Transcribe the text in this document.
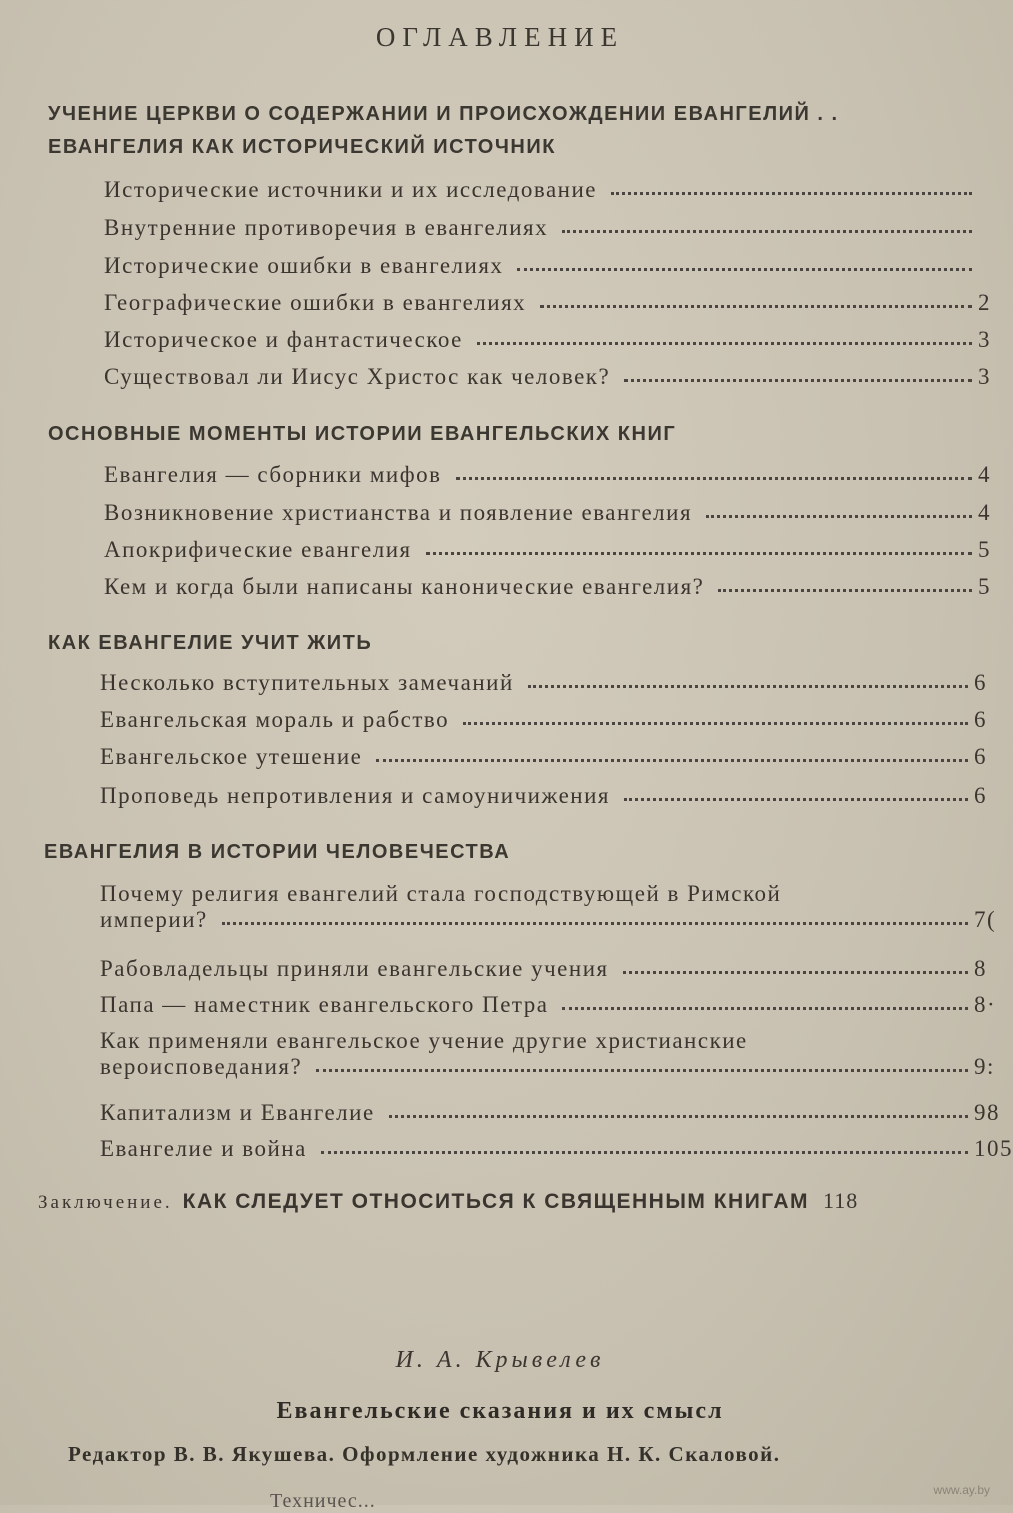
ОГЛАВЛЕНИЕ
УЧЕНИЕ ЦЕРКВИ О СОДЕРЖАНИИ И ПРОИСХОЖДЕНИИ ЕВАНГЕЛИЙ . .
ЕВАНГЕЛИЯ КАК ИСТОРИЧЕСКИЙ ИСТОЧНИК
Исторические источники и их исследование
Внутренние противоречия в евангелиях
Исторические ошибки в евангелиях
Географические ошибки в евангелиях	2
Историческое и фантастическое	3
Существовал ли Иисус Христос как человек?	3
ОСНОВНЫЕ МОМЕНТЫ ИСТОРИИ ЕВАНГЕЛЬСКИХ КНИГ
Евангелия — сборники мифов	4
Возникновение христианства и появление евангелия	4
Апокрифические евангелия	5
Кем и когда были написаны канонические евангелия?	5
КАК ЕВАНГЕЛИЕ УЧИТ ЖИТЬ
Несколько вступительных замечаний	6
Евангельская мораль и рабство	6
Евангельское утешение	6
Проповедь непротивления и самоуничижения	6
ЕВАНГЕЛИЯ В ИСТОРИИ ЧЕЛОВЕЧЕСТВА
Почему религия евангелий стала господствующей в Римской
империи?	7(
Рабовладельцы приняли евангельские учения	8
Папа — наместник евангельского Петра	8·
Как применяли евангельское учение другие христианские
вероисповедания?	9:
Капитализм и Евангелие	98
Евангелие и война	105
Заключение. КАК СЛЕДУЕТ ОТНОСИТЬСЯ К СВЯЩЕННЫМ КНИГАМ 118
И. А. Крывелев
Евангельские сказания и их смысл
Редактор В. В. Якушева. Оформление художника Н. К. Скаловой.
Техничес...	www.ay.by
